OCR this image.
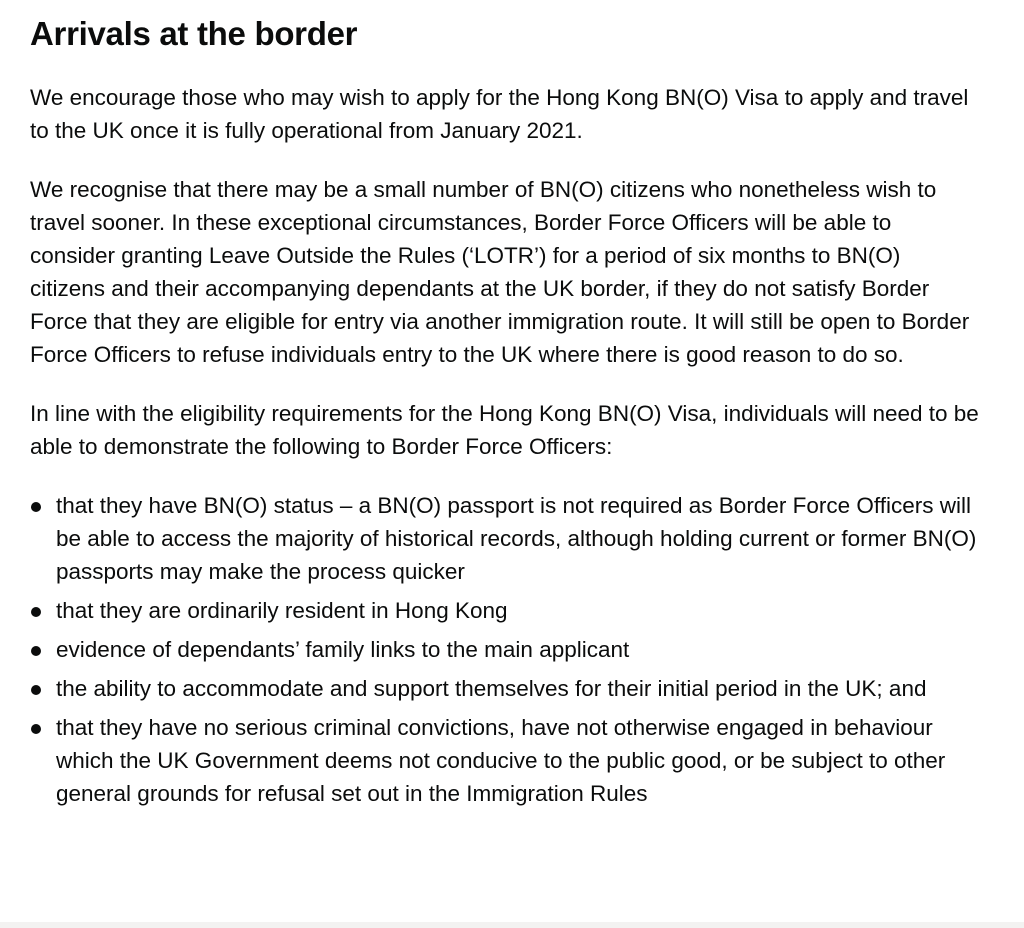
Arrivals at the border

We encourage those who may wish to apply for the Hong Kong BN(O) Visa to apply and travel to the UK once it is fully operational from January 2021.

We recognise that there may be a small number of BN(O) citizens who nonetheless wish to travel sooner. In these exceptional circumstances, Border Force Officers will be able to consider granting Leave Outside the Rules (‘LOTR’) for a period of six months to BN(O) citizens and their accompanying dependants at the UK border, if they do not satisfy Border Force that they are eligible for entry via another immigration route. It will still be open to Border Force Officers to refuse individuals entry to the UK where there is good reason to do so.

In line with the eligibility requirements for the Hong Kong BN(O) Visa, individuals will need to be able to demonstrate the following to Border Force Officers:

that they have BN(O) status – a BN(O) passport is not required as Border Force Officers will be able to access the majority of historical records, although holding current or former BN(O) passports may make the process quicker
that they are ordinarily resident in Hong Kong
evidence of dependants’ family links to the main applicant
the ability to accommodate and support themselves for their initial period in the UK; and
that they have no serious criminal convictions, have not otherwise engaged in behaviour which the UK Government deems not conducive to the public good, or be subject to other general grounds for refusal set out in the Immigration Rules
